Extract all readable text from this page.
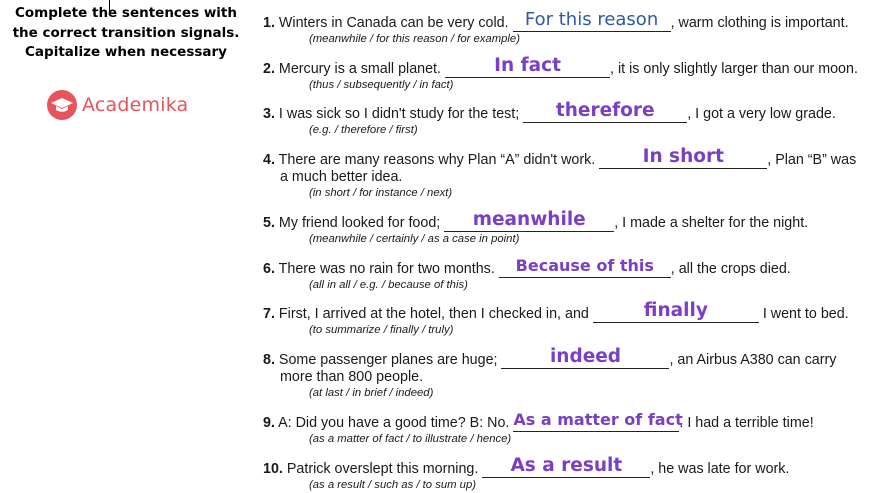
Complete the sentences with
the correct transition signals.
Capitalize when necessary
Academika
1. Winters in Canada can be very cold. For this reason , warm clothing is important.
(meanwhile / for this reason / for example)
2. Mercury is a small planet.	In fact	, it is only slightly larger than our moon.
(thus / subsequently / in fact)
3. I was sick so I didn't study for the test;	therefore	, I got a very low grade.
(e.g. / therefore / first)
4. There are many reasons why Plan “A” didn't work.	In short	, Plan “B” was
a much better idea.
(in short / for instance / next)
5. My friend looked for food;	meanwhile	, I made a shelter for the night.
(meanwhile / certainly / as a case in point)
6. There was no rain for two months.	Because of this	, all the crops died.
(all in all / e.g. / because of this)
7. First, I arrived at the hotel, then I checked in, and	finally	I went to bed.
(to summarize / finally / truly)
8. Some passenger planes are huge;	indeed	, an Airbus A380 can carry
more than 800 people.
(at last / in brief / indeed)
9. A: Did you have a good time? B: No. As a matter of fact
. I had a terrible time!
(as a matter of fact / to illustrate / hence)
10. Patrick overslept this morning.	As a result	, he was late for work.
(as a result / such as / to sum up)
